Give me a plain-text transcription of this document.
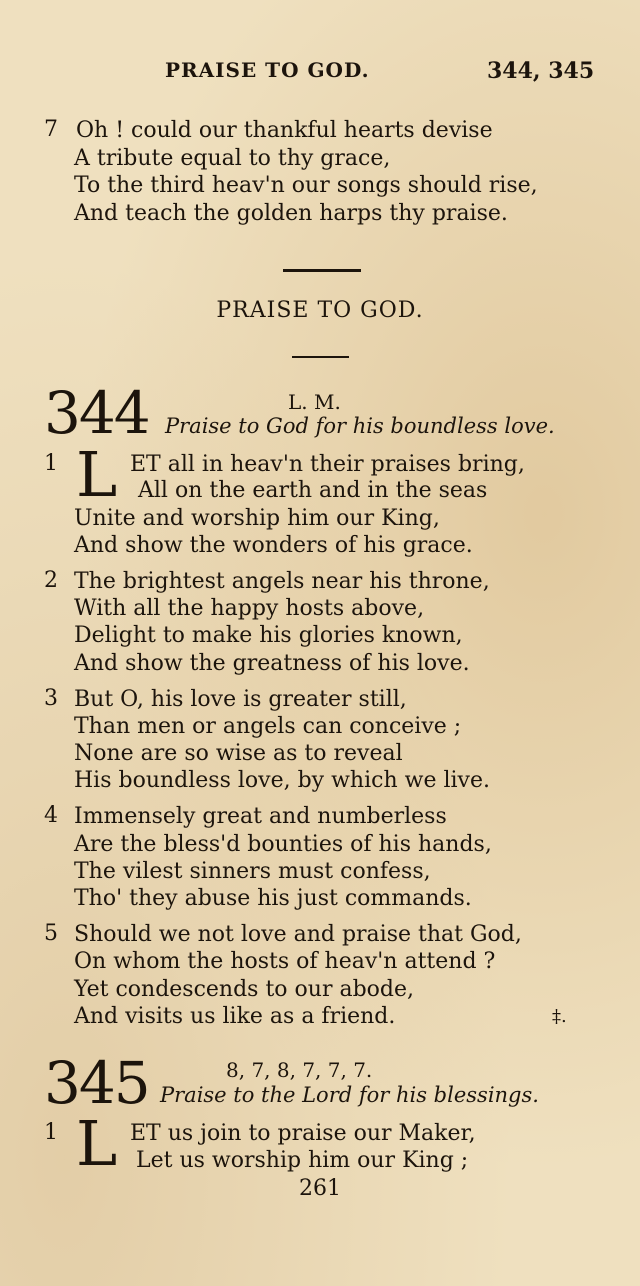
PRAISE TO GOD.	344, 345
7 Oh ! could our thankful hearts devise
A tribute equal to thy grace,
To the third heav'n our songs should rise,
And teach the golden harps thy praise.
PRAISE TO GOD.
344	L. M.
Praise to God for his boundless love.
1 L ET all in heav'n their praises bring,
All on the earth and in the seas
Unite and worship him our King,
And show the wonders of his grace.
2 The brightest angels near his throne,
With all the happy hosts above,
Delight to make his glories known,
And show the greatness of his love.
3 But O, his love is greater still,
Than men or angels can conceive ;
None are so wise as to reveal
His boundless love, by which we live.
4 Immensely great and numberless
Are the bless'd bounties of his hands,
The vilest sinners must confess,
Tho' they abuse his just commands.
5 Should we not love and praise that God,
On whom the hosts of heav'n attend ?
Yet condescends to our abode,
And visits us like as a friend.	‡.
345	8, 7, 8, 7, 7, 7.
Praise to the Lord for his blessings.
1 L ET us join to praise our Maker,
Let us worship him our King ;
261
